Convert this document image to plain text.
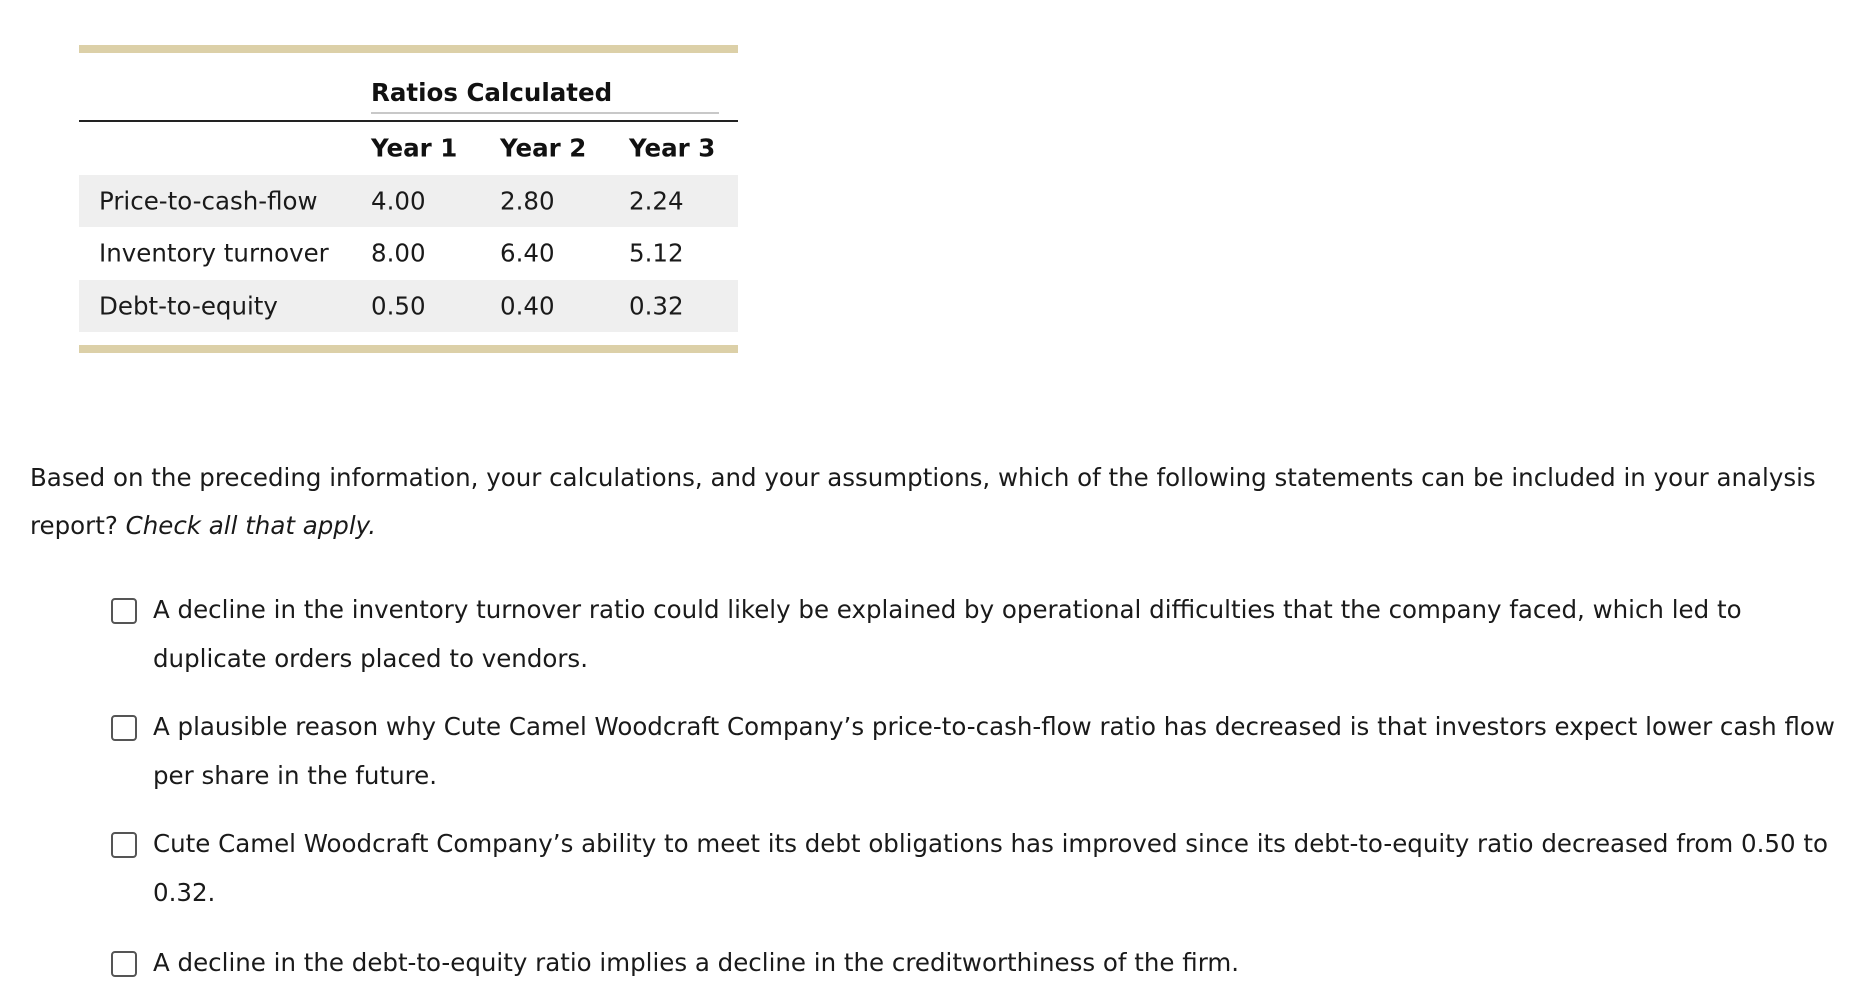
Ratios Calculated
Year 1 Year 2 Year 3
Price-to-cash-flow 4.00	2.80	2.24
Inventory turnover 8.00	6.40	5.12
Debt-to-equity	0.50	0.40	0.32

Based on the preceding information, your calculations, and your assumptions, which of the following statements can be included in your analysis report? Check all that apply.

A decline in the inventory turnover ratio could likely be explained by operational difficulties that the company faced, which led to duplicate orders placed to vendors.

A plausible reason why Cute Camel Woodcraft Company’s price-to-cash-flow ratio has decreased is that investors expect lower cash flow per share in the future.

Cute Camel Woodcraft Company’s ability to meet its debt obligations has improved since its debt-to-equity ratio decreased from 0.50 to 0.32.

A decline in the debt-to-equity ratio implies a decline in the creditworthiness of the firm.
